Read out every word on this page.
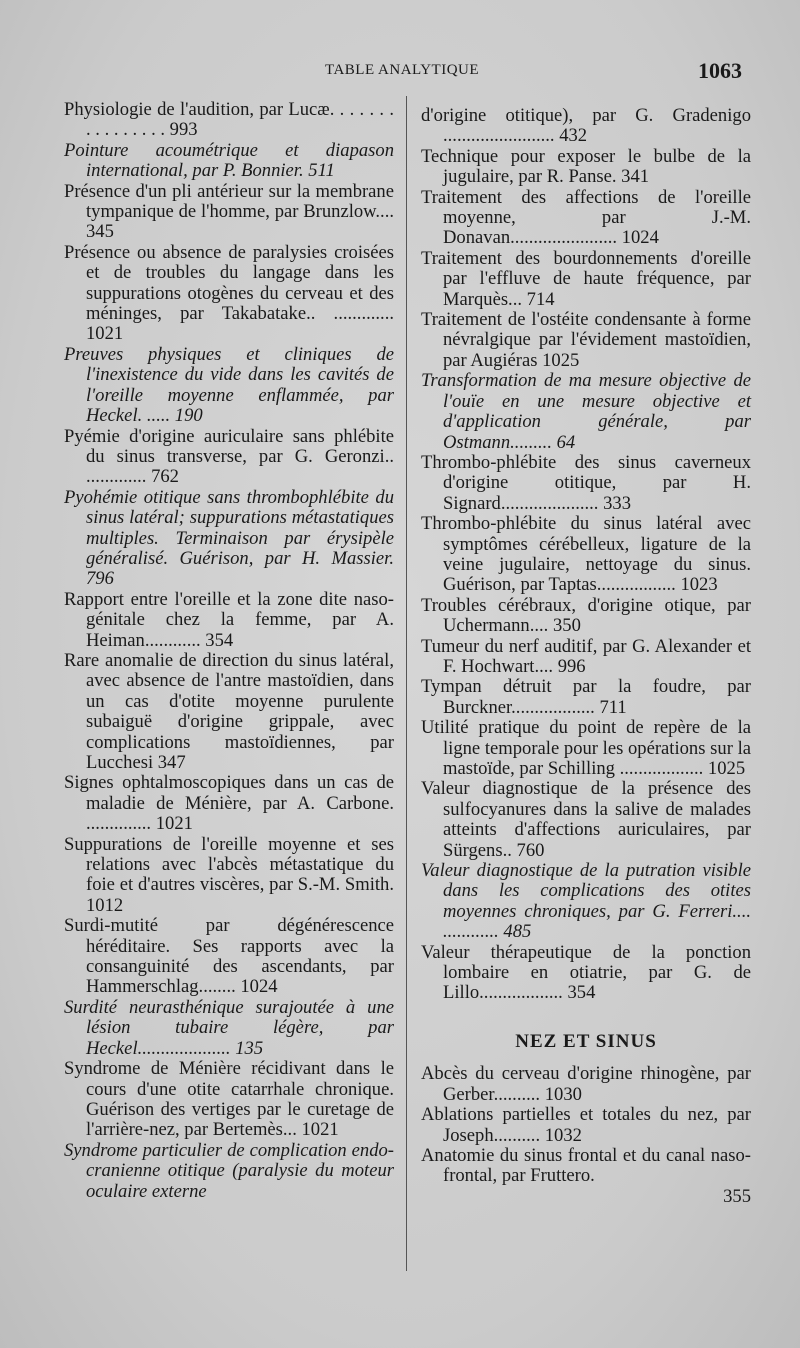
TABLE ANALYTIQUE	1063

Physiologie de l'audition, par Lucæ. . . . . . . . . . . . . . . . 993

Pointure acoumétrique et diapason international, par P. Bonnier. 511

Présence d'un pli antérieur sur la membrane tympanique de l'homme, par Brunzlow.... 345

Présence ou absence de paralysies croisées et de troubles du langage dans les suppurations otogènes du cerveau et des méninges, par Takabatake.. ............. 1021

Preuves physiques et cliniques de l'inexistence du vide dans les cavités de l'oreille moyenne enflammée, par Heckel. ..... 190

Pyémie d'origine auriculaire sans phlébite du sinus transverse, par G. Geronzi.. ............. 762

Pyohémie otitique sans thrombophlébite du sinus latéral; suppurations métastatiques multiples. Terminaison par érysipèle généralisé. Guérison, par H. Massier. 796

Rapport entre l'oreille et la zone dite naso-génitale chez la femme, par A. Heiman............ 354

Rare anomalie de direction du sinus latéral, avec absence de l'antre mastoïdien, dans un cas d'otite moyenne purulente subaiguë d'origine grippale, avec complications mastoïdiennes, par Lucchesi 347

Signes ophtalmoscopiques dans un cas de maladie de Ménière, par A. Carbone. .............. 1021

Suppurations de l'oreille moyenne et ses relations avec l'abcès métastatique du foie et d'autres viscères, par S.-M. Smith. 1012

Surdi-mutité par dégénérescence héréditaire. Ses rapports avec la consanguinité des ascendants, par Hammerschlag........ 1024

Surdité neurasthénique surajoutée à une lésion tubaire légère, par Heckel.................... 135

Syndrome de Ménière récidivant dans le cours d'une otite catarrhale chronique. Guérison des vertiges par le curetage de l'arrière-nez, par Bertemès... 1021

Syndrome particulier de complication endo-cranienne otitique (paralysie du moteur oculaire externe

d'origine otitique), par G. Gradenigo ........................ 432

Technique pour exposer le bulbe de la jugulaire, par R. Panse. 341

Traitement des affections de l'oreille moyenne, par J.-M. Donavan....................... 1024

Traitement des bourdonnements d'oreille par l'effluve de haute fréquence, par Marquès... 714

Traitement de l'ostéite condensante à forme névralgique par l'évidement mastoïdien, par Augiéras 1025

Transformation de ma mesure objective de l'ouïe en une mesure objective et d'application générale, par Ostmann......... 64

Thrombo-phlébite des sinus caverneux d'origine otitique, par H. Signard..................... 333

Thrombo-phlébite du sinus latéral avec symptômes cérébelleux, ligature de la veine jugulaire, nettoyage du sinus. Guérison, par Taptas................. 1023

Troubles cérébraux, d'origine otique, par Uchermann.... 350

Tumeur du nerf auditif, par G. Alexander et F. Hochwart.... 996

Tympan détruit par la foudre, par Burckner.................. 711

Utilité pratique du point de repère de la ligne temporale pour les opérations sur la mastoïde, par Schilling .................. 1025

Valeur diagnostique de la présence des sulfocyanures dans la salive de malades atteints d'affections auriculaires, par Sürgens.. 760

Valeur diagnostique de la putration visible dans les complications des otites moyennes chroniques, par G. Ferreri.... ............ 485

Valeur thérapeutique de la ponction lombaire en otiatrie, par G. de Lillo.................. 354

NEZ ET SINUS

Abcès du cerveau d'origine rhinogène, par Gerber.......... 1030

Ablations partielles et totales du nez, par Joseph.......... 1032

Anatomie du sinus frontal et du canal naso-frontal, par Fruttero.

355
